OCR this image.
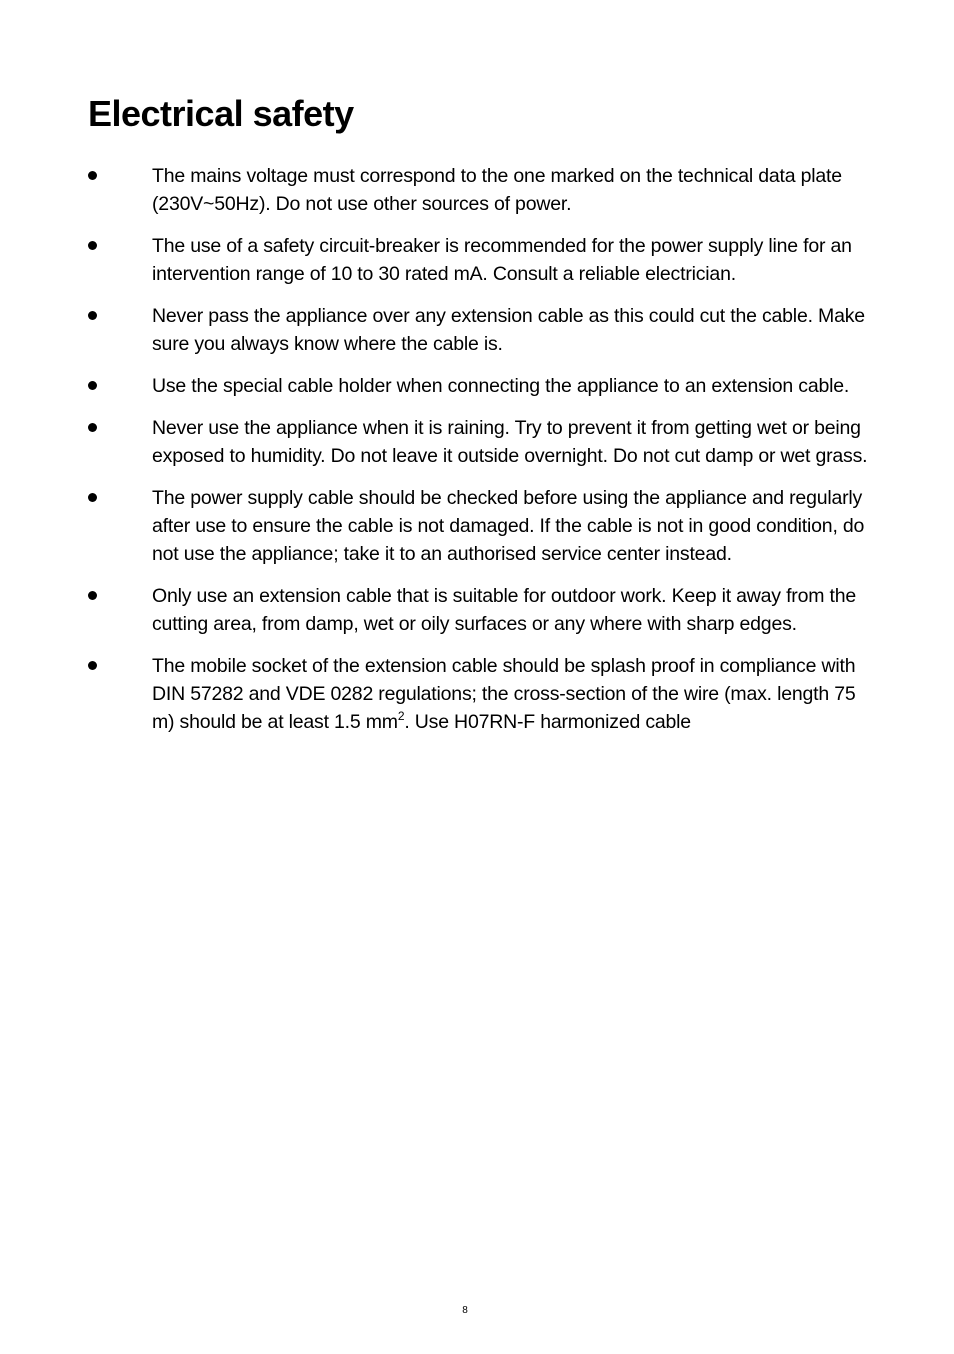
Electrical safety
The mains voltage must correspond to the one marked on the technical data plate (230V~50Hz). Do not use other sources of power.
The use of a safety circuit-breaker is recommended for the power supply line for an intervention range of 10 to 30 rated mA. Consult a reliable electrician.
Never pass the appliance over any extension cable as this could cut the cable. Make sure you always know where the cable is.
Use the special cable holder when connecting the appliance to an extension cable.
Never use the appliance when it is raining. Try to prevent it from getting wet or being exposed to humidity. Do not leave it outside overnight. Do not cut damp or wet grass.
The power supply cable should be checked before using the appliance and regularly after use to ensure the cable is not damaged. If the cable is not in good condition, do not use the appliance; take it to an authorised service center instead.
Only use an extension cable that is suitable for outdoor work. Keep it away from the cutting area, from damp, wet or oily surfaces or any where with sharp edges.
The mobile socket of the extension cable should be splash proof in compliance with DIN 57282 and VDE 0282 regulations; the cross-section of the wire (max. length 75 m) should be at least 1.5 $mm^2$. Use H07RN-F harmonized cable
8
